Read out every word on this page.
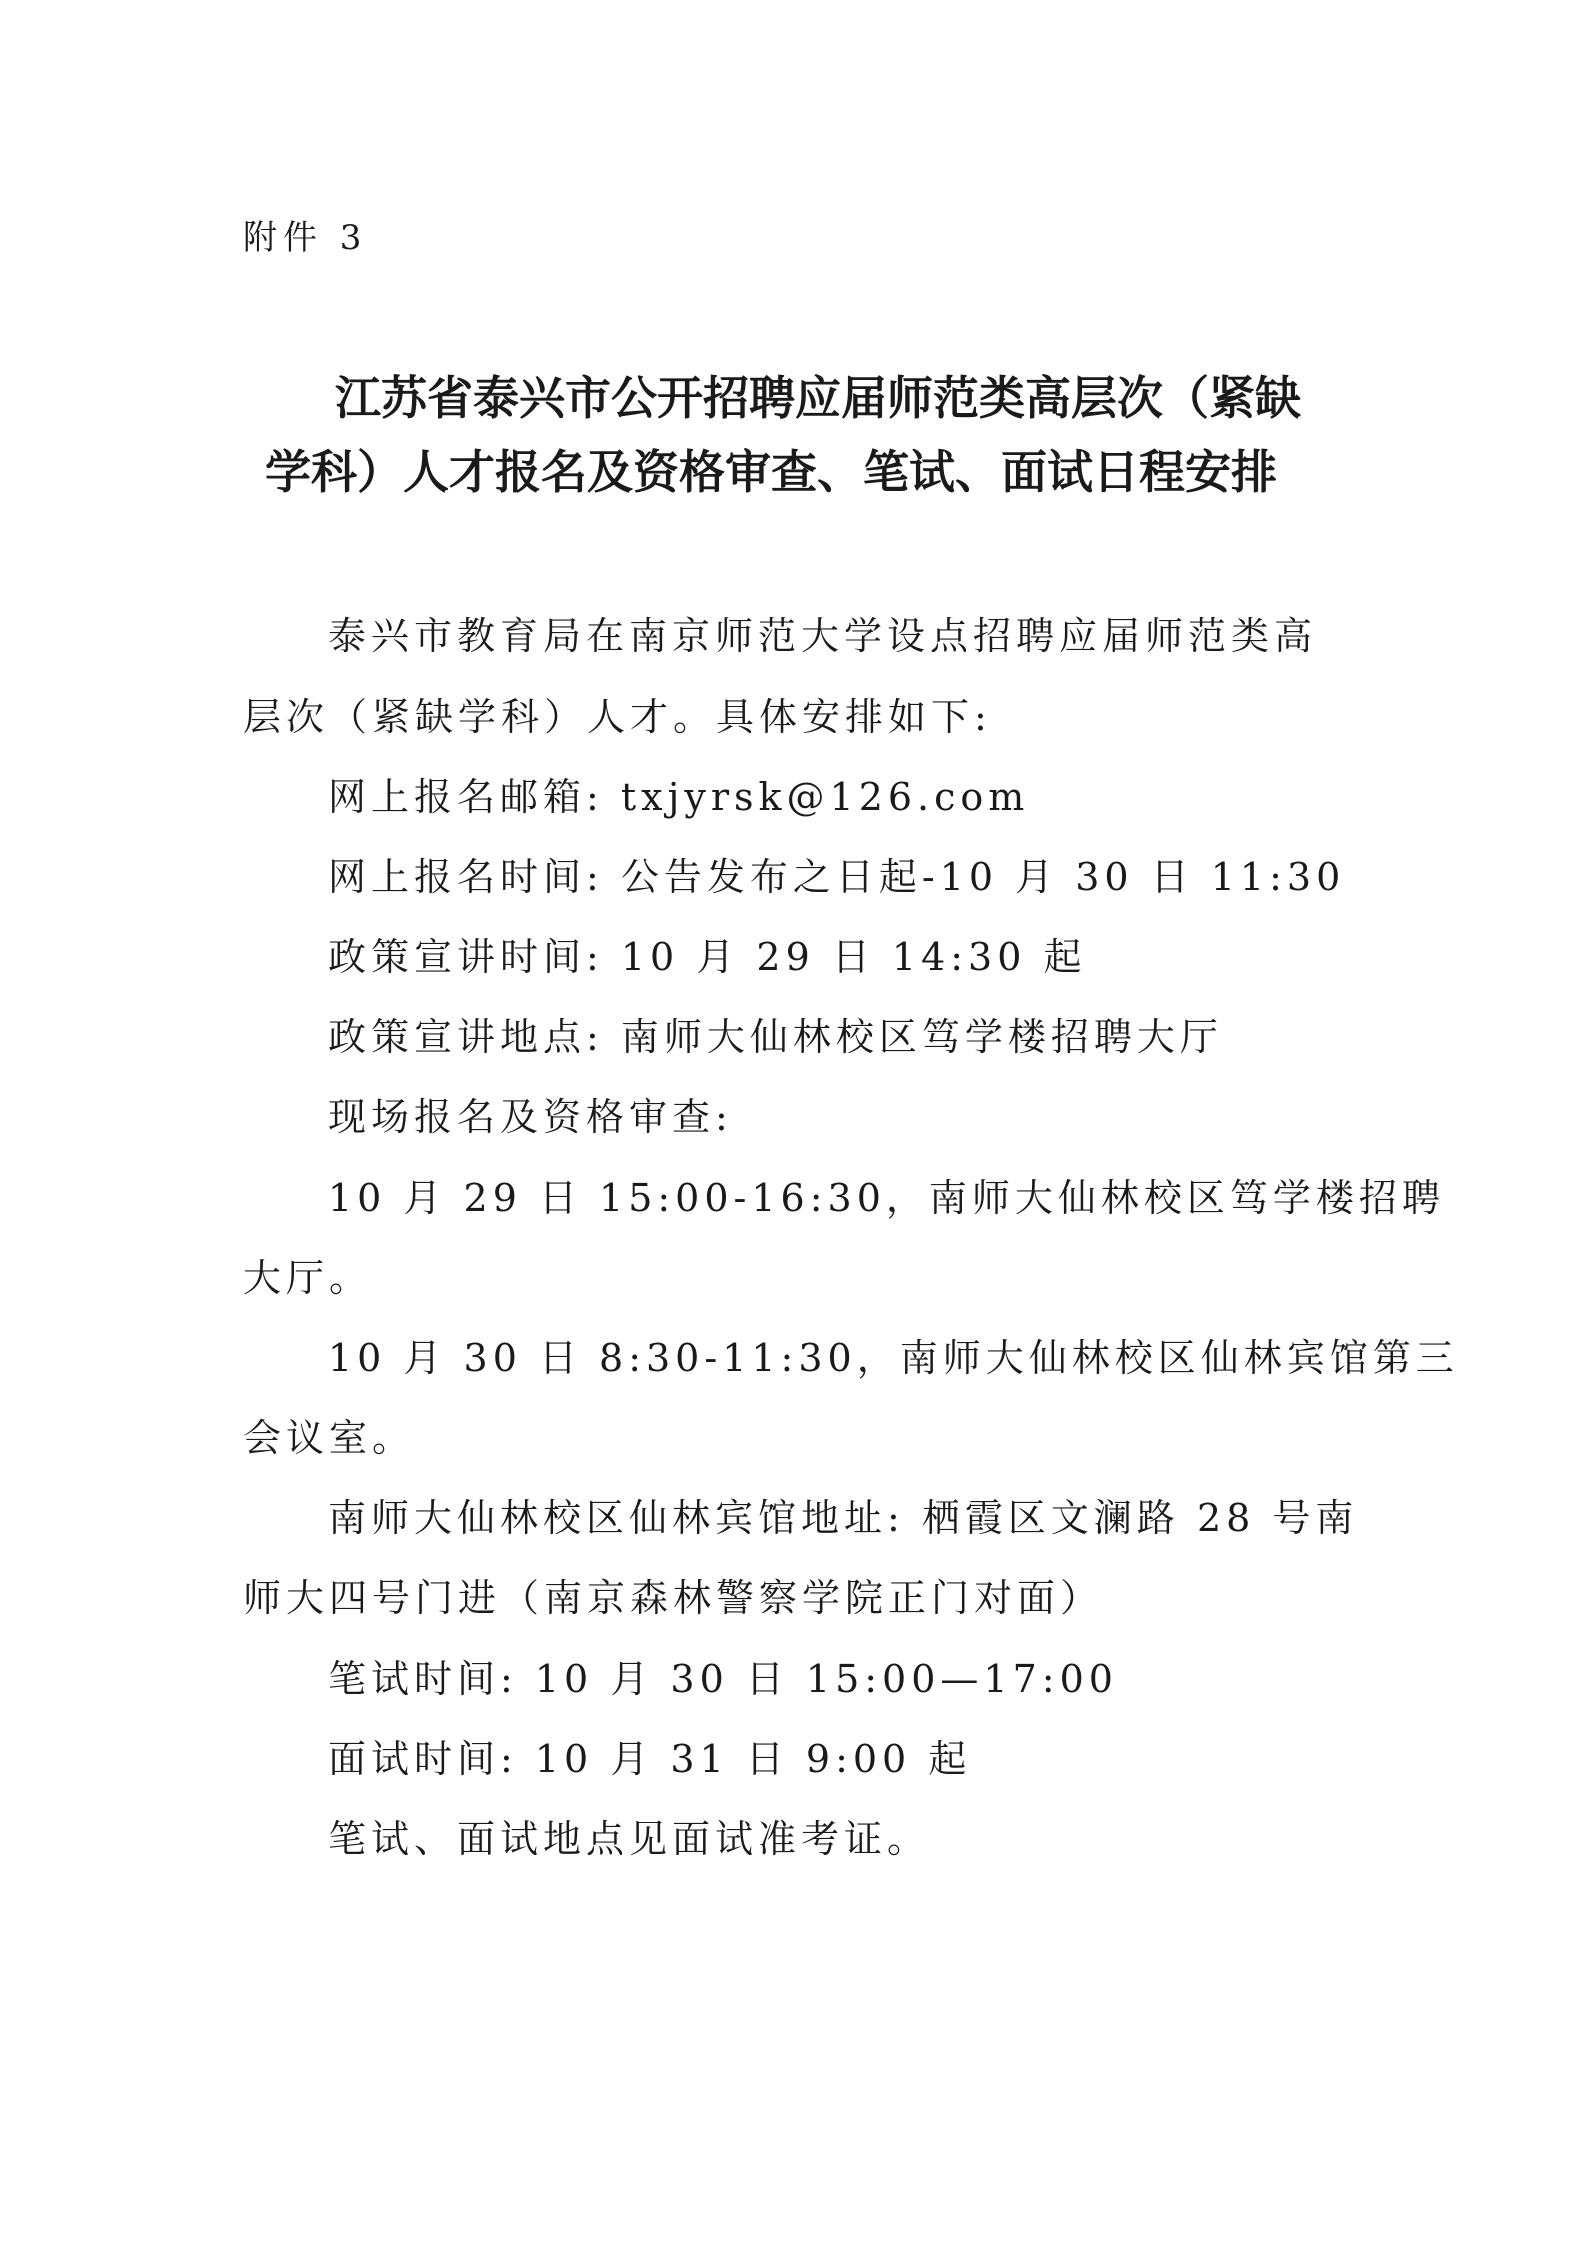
附件 3
江苏省泰兴市公开招聘应届师范类高层次（紧缺
学科）人才报名及资格审查、笔试、面试日程安排
泰兴市教育局在南京师范大学设点招聘应届师范类高
层次（紧缺学科）人才。具体安排如下:
网上报名邮箱: txjyrsk@126.com
网上报名时间: 公告发布之日起-10 月 30 日 11:30
政策宣讲时间: 10 月 29 日 14:30 起
政策宣讲地点: 南师大仙林校区笃学楼招聘大厅
现场报名及资格审查:
10 月 29 日 15:00-16:30，南师大仙林校区笃学楼招聘
大厅。
10 月 30 日 8:30-11:30，南师大仙林校区仙林宾馆第三
会议室。
南师大仙林校区仙林宾馆地址: 栖霞区文澜路 28 号南
师大四号门进（南京森林警察学院正门对面）
笔试时间: 10 月 30 日 15:00—17:00
面试时间: 10 月 31 日 9:00 起
笔试、面试地点见面试准考证。
